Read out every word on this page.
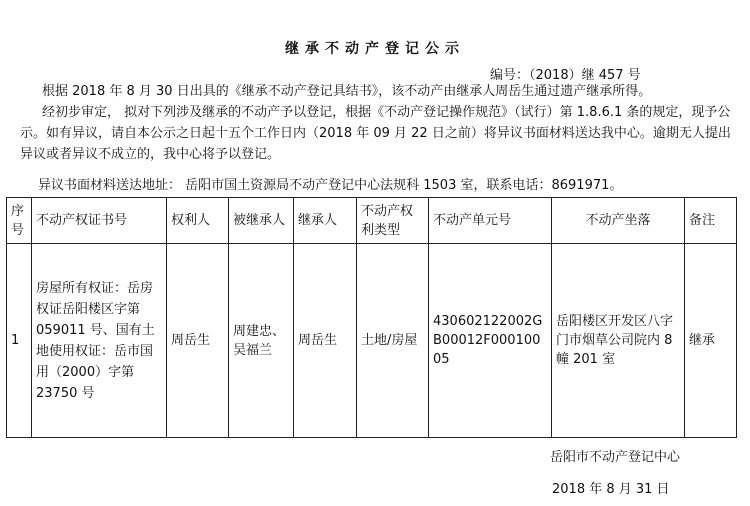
继承不动产登记公示
编号：（2018）继 457 号
根据 2018 年 8 月 30 日出具的《继承不动产登记具结书》，该不动产由继承人周岳生通过遗产继承所得。
经初步审定， 拟对下列涉及继承的不动产予以登记，根据《不动产登记操作规范》（试行）第 1.8.6.1 条的规定，现予公示。如有异议，请自本公示之日起十五个工作日内（2018 年 09 月 22 日之前）将异议书面材料送达我中心。逾期无人提出异议或者异议不成立的，我中心将予以登记。
异议书面材料送达地址： 岳阳市国土资源局不动产登记中心法规科 1503 室，联系电话：8691971。
序号	不动产权证书号	权利人	被继承人	继承人	不动产权利类型	不动产单元号	不动产坐落	备注
1	房屋所有权证：岳房权证岳阳楼区字第 059011 号、国有土地使用权证：岳市国用（2000）字第 23750 号	周岳生	周建忠、吴福兰	周岳生	土地/房屋	430602122002GB00012F00010005	岳阳楼区开发区八字门市烟草公司院内 8 幢 201 室	继承
岳阳市不动产登记中心
2018 年 8 月 31 日
